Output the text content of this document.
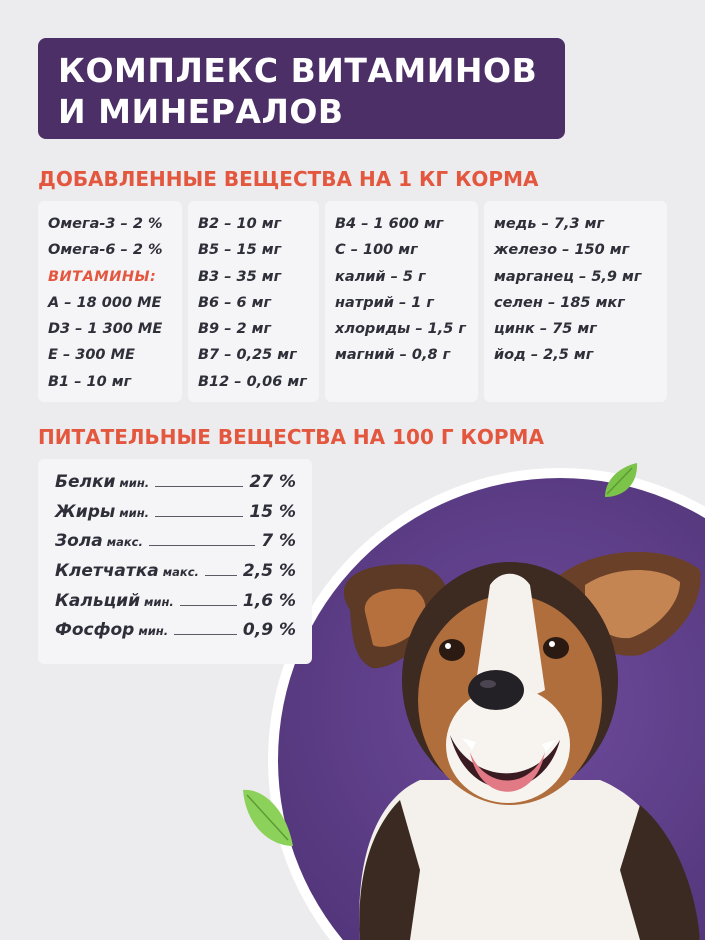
КОМПЛЕКС ВИТАМИНОВ
И МИНЕРАЛОВ
ДОБАВЛЕННЫЕ ВЕЩЕСТВА НА 1 КГ КОРМА
Омега-3 – 2 %
Омега-6 – 2 %
ВИТАМИНЫ:
А – 18 000 МЕ
D3 – 1 300 МЕ
Е – 300 МЕ
В1 – 10 мг
В2 – 10 мг
В5 – 15 мг
В3 – 35 мг
В6 – 6 мг
В9 – 2 мг
В7 – 0,25 мг
В12 – 0,06 мг
В4 – 1 600 мг
С – 100 мг
калий – 5 г
натрий – 1 г
хлориды – 1,5 г
магний – 0,8 г
медь – 7,3 мг
железо – 150 мг
марганец – 5,9 мг
селен – 185 мкг
цинк – 75 мг
йод – 2,5 мг
ПИТАТЕЛЬНЫЕ ВЕЩЕСТВА НА 100 Г КОРМА
Белки мин.	27 %
Жиры мин.	15 %
Зола макс.	7 %
Клетчатка макс.	2,5 %
Кальций мин.	1,6 %
Фосфор мин.	0,9 %
